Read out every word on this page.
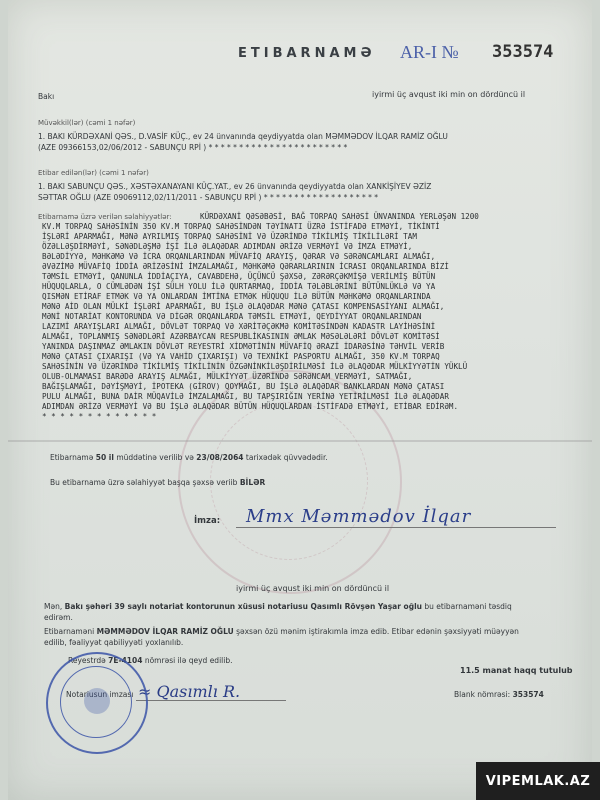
ETIBARNAMƏ AR-I № 353574
Bakı	iyirmi üç avqust iki min on dördüncü il
Müvəkkil(lər) (cəmi 1 nəfər)
1. BAKI KÜRDƏXANİ QƏS., D.VASİF KÜÇ., ev 24 ünvanında qeydiyyatda olan MƏMMƏDOV İLQAR RAMİZ OĞLU
(AZE 09366153,02/06/2012 - SABUNÇU RPİ ) * * * * * * * * * * * * * * * * * * * * * * *
Etibar edilən(lər) (cəmi 1 nəfər)
1. BAKI SABUNÇU QƏS., XƏSTƏXANAYANI KÜÇ.YAT., ev 26 ünvanında qeydiyyatda olan XANKİŞİYEV ƏZİZ
SƏTTAR OĞLU (AZE 09069112,02/11/2011 - SABUNÇU RPİ ) * * * * * * * * * * * * * * * * * * *
Etibarnamə üzrə verilən səlahiyyətlər:	KÜRDƏXANİ QƏSƏBƏSİ, BAĞ TORPAQ SAHƏSİ ÜNVANINDA YERLƏŞƏN 1200
KV.M TORPAQ SAHƏSİNİN 350 KV.M TORPAQ SAHƏSİNDƏN TƏYİNATI ÜZRƏ İSTİFADƏ ETMƏYİ, TİKİNTİ
İŞLƏRİ APARMAĞI, MƏNƏ AYRILMIŞ TORPAQ SAHƏSİNİ VƏ ÜZƏRİNDƏ TİKİLMİŞ TİKİLİLƏRİ TAM
ÖZƏLLƏŞDİRMƏYİ, SƏNƏDLƏŞMƏ İŞİ İLƏ ƏLAQƏDAR ADIMDAN ƏRİZƏ VERMƏYİ VƏ İMZA ETMƏYİ,
BƏLƏDİYYƏ, MƏHKƏMƏ VƏ İCRA ORQANLARINDAN MÜVAFİQ ARAYIŞ, QƏRAR VƏ SƏRƏNCAMLARI ALMAĞI,
ƏVƏZİMƏ MÜVAFİQ İDDİA ƏRİZƏSİNİ İMZALAMAĞI, MƏHKƏMƏ QƏRARLARININ İCRASI ORQANLARINDA BİZİ
TƏMSİL ETMƏYİ, QANUNLA İDDİAÇIYA, CAVABDEHƏ, ÜÇÜNCÜ ŞƏXSƏ, ZƏRƏRÇƏKMİŞƏ VERİLMİŞ BÜTÜN
HÜQUQLARLA, O CÜMLƏDƏN İŞİ SÜLH YOLU İLƏ QURTARMAQ, İDDİA TƏLƏBLƏRİNİ BÜTÜNLÜKLƏ VƏ YA
QISMƏN ETİRAF ETMƏK VƏ YA ONLARDAN İMTİNA ETMƏK HÜQUQU İLƏ BÜTÜN MƏHKƏMƏ ORQANLARINDA
MƏNƏ AİD OLAN MÜLKİ İŞLƏRİ APARMAĞI, BU İŞLƏ ƏLAQƏDAR MƏNƏ ÇATASI KOMPENSASİYANI ALMAĞI,
MƏNİ NOTARİAT KONTORUNDA VƏ DİGƏR ORQANLARDA TƏMSİL ETMƏYİ, QEYDİYYAT ORQANLARINDAN
LAZIMİ ARAYIŞLARI ALMAĞI, DÖVLƏT TORPAQ VƏ XƏRİTƏÇƏKMƏ KOMİTƏSİNDƏN KADASTR LAYİHƏSİNİ
ALMAĞI, TOPLANMIŞ SƏNƏDLƏRİ AZƏRBAYCAN RESPUBLİKASININ ƏMLAK MƏSƏLƏLƏRİ DÖVLƏT KOMİTƏSİ
YANINDA DAŞINMAZ ƏMLAKIN DÖVLƏT REYESTRİ XİDMƏTİNİN MÜVAFİQ ƏRAZİ İDARƏSİNƏ TƏHVİL VERİB
MƏNƏ ÇATASI ÇIXARIŞI (VƏ YA VAHİD ÇIXARIŞI) VƏ TEXNİKİ PASPORTU ALMAĞI, 350 KV.M TORPAQ
SAHƏSİNİN VƏ ÜZƏRİNDƏ TİKİLMİŞ TİKİLİNİN ÖZGƏNİNKİLƏŞDİRİLMƏSİ İLƏ ƏLAQƏDAR MÜLKİYYƏTİN YÜKLÜ
OLUB-OLMAMASI BARƏDƏ ARAYIŞ ALMAĞI, MÜLKİYYƏT ÜZƏRİNDƏ SƏRƏNCAM VERMƏYİ, SATMAĞI,
BAĞIŞLAMAĞI, DƏYİŞMƏYİ, İPOTEKA (GİROV) QOYMAĞI, BU İŞLƏ ƏLAQƏDAR BANKLARDAN MƏNƏ ÇATASI
PULU ALMAĞI, BUNA DAİR MÜQAVİLƏ İMZALAMAĞI, BU TAPŞIRIĞIN YERİNƏ YETİRİLMƏSİ İLƏ ƏLAQƏDAR
ADIMDAN ƏRİZƏ VERMƏYİ VƏ BU İŞLƏ ƏLAQƏDAR BÜTÜN HÜQUQLARDAN İSTİFADƏ ETMƏYİ, ETİBAR EDİRƏM.
* * * * * * * * * * * * *
Etibarnamə 50 il müddətinə verilib və 23/08/2064 tarixədək qüvvədədir.
Bu etibarnamə üzrə səlahiyyət başqa şəxsə veriib BİLƏR
İmza: Mmx Məmmədov İlqar
iyirmi üç avqust iki min on dördüncü il
Mən, Bakı şəhəri 39 saylı notariat kontorunun xüsusi notariusu Qasımlı Rövşən Yaşar oğlu bu etibarnaməni təsdiq
edirəm.
Etibarnaməni MƏMMƏDOV İLQAR RAMİZ OĞLU şəxsən özü mənim iştirakımla imza edib. Etibar edənin şəxsiyyəti müəyyən
edilib, fəaliyyət qabiliyyəti yoxlanılıb.
Reyestrdə 7E-4104 nömrəsi ilə qeyd edilib.
11.5 manat haqq tutulub
Notariusun imzası ≈ Qasımlı R.	Blank nömrəsi: 353574
VIPEMLAK.AZ
